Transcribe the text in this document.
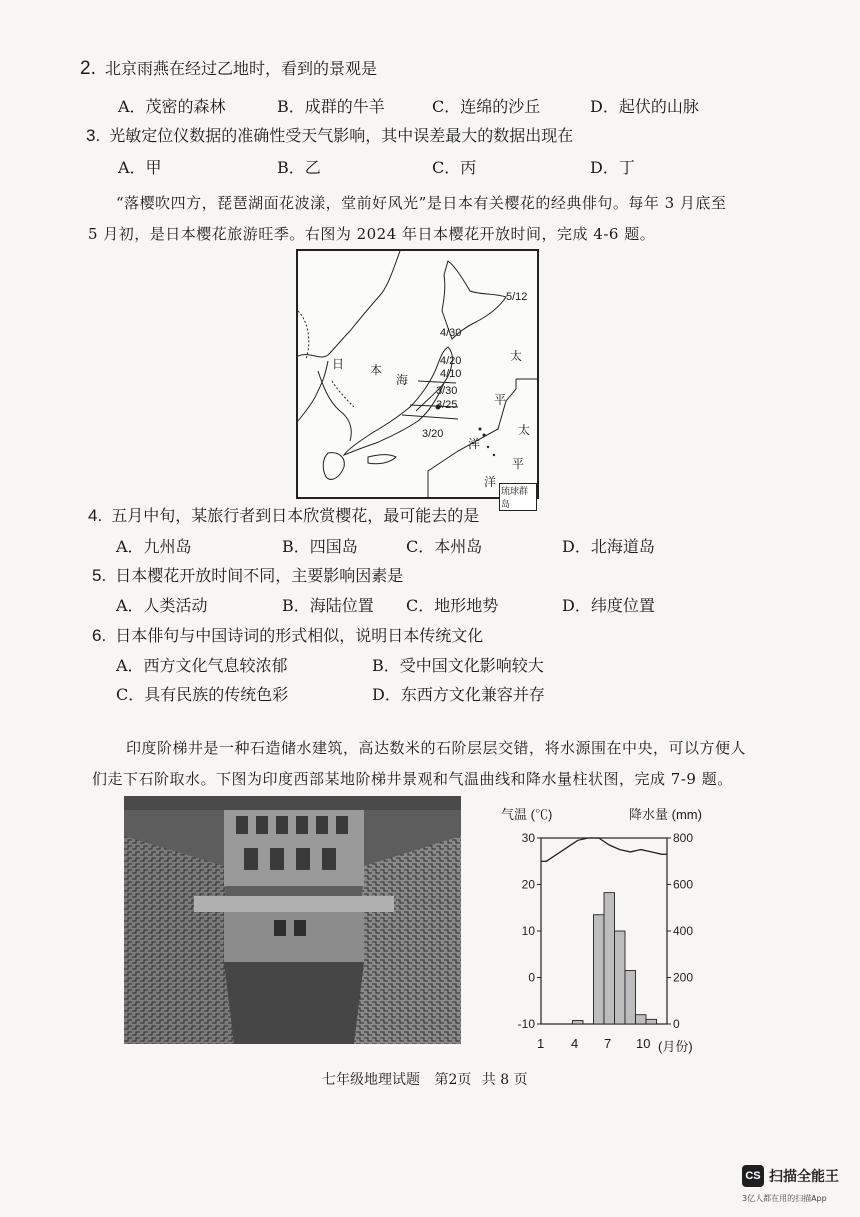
2. 北京雨燕在经过乙地时，看到的景观是
A．茂密的森林	B．成群的牛羊	C．连绵的沙丘	D．起伏的山脉
3. 光敏定位仪数据的准确性受天气影响，其中误差最大的数据出现在
A．甲	B．乙	C．丙	D．丁
“落樱吹四方，琵琶湖面花波漾，堂前好风光”是日本有关樱花的经典俳句。每年 3 月底至
5 月初，是日本樱花旅游旺季。右图为 2024 年日本樱花开放时间，完成 4-6 题。
5/12
4/30
4/20
4/10
3/30
3/25
3/20
日 本
海
太
平
洋
太
平
洋
琉球群岛
4. 五月中旬，某旅行者到日本欣赏樱花，最可能去的是
A．九州岛	B．四国岛	C．本州岛	D．北海道岛
5. 日本樱花开放时间不同，主要影响因素是
A．人类活动	B．海陆位置 C．地形地势	D．纬度位置
6. 日本俳句与中国诗词的形式相似，说明日本传统文化
A．西方文化气息较浓郁	B．受中国文化影响较大
C．具有民族的传统色彩	D．东西方文化兼容并存
印度阶梯井是一种石造储水建筑，高达数米的石阶层层交错，将水源围在中央，可以方便人
们走下石阶取水。下图为印度西部某地阶梯井景观和气温曲线和降水量柱状图，完成 7-9 题。
气温 (℃)	降水量 (mm)
30
20
10
0
-10
800
600
400
200
0
1 4 7 10 (月份)
七年级地理试题 第2页 共 8 页
CS 扫描全能王
3亿人都在用的扫描App
